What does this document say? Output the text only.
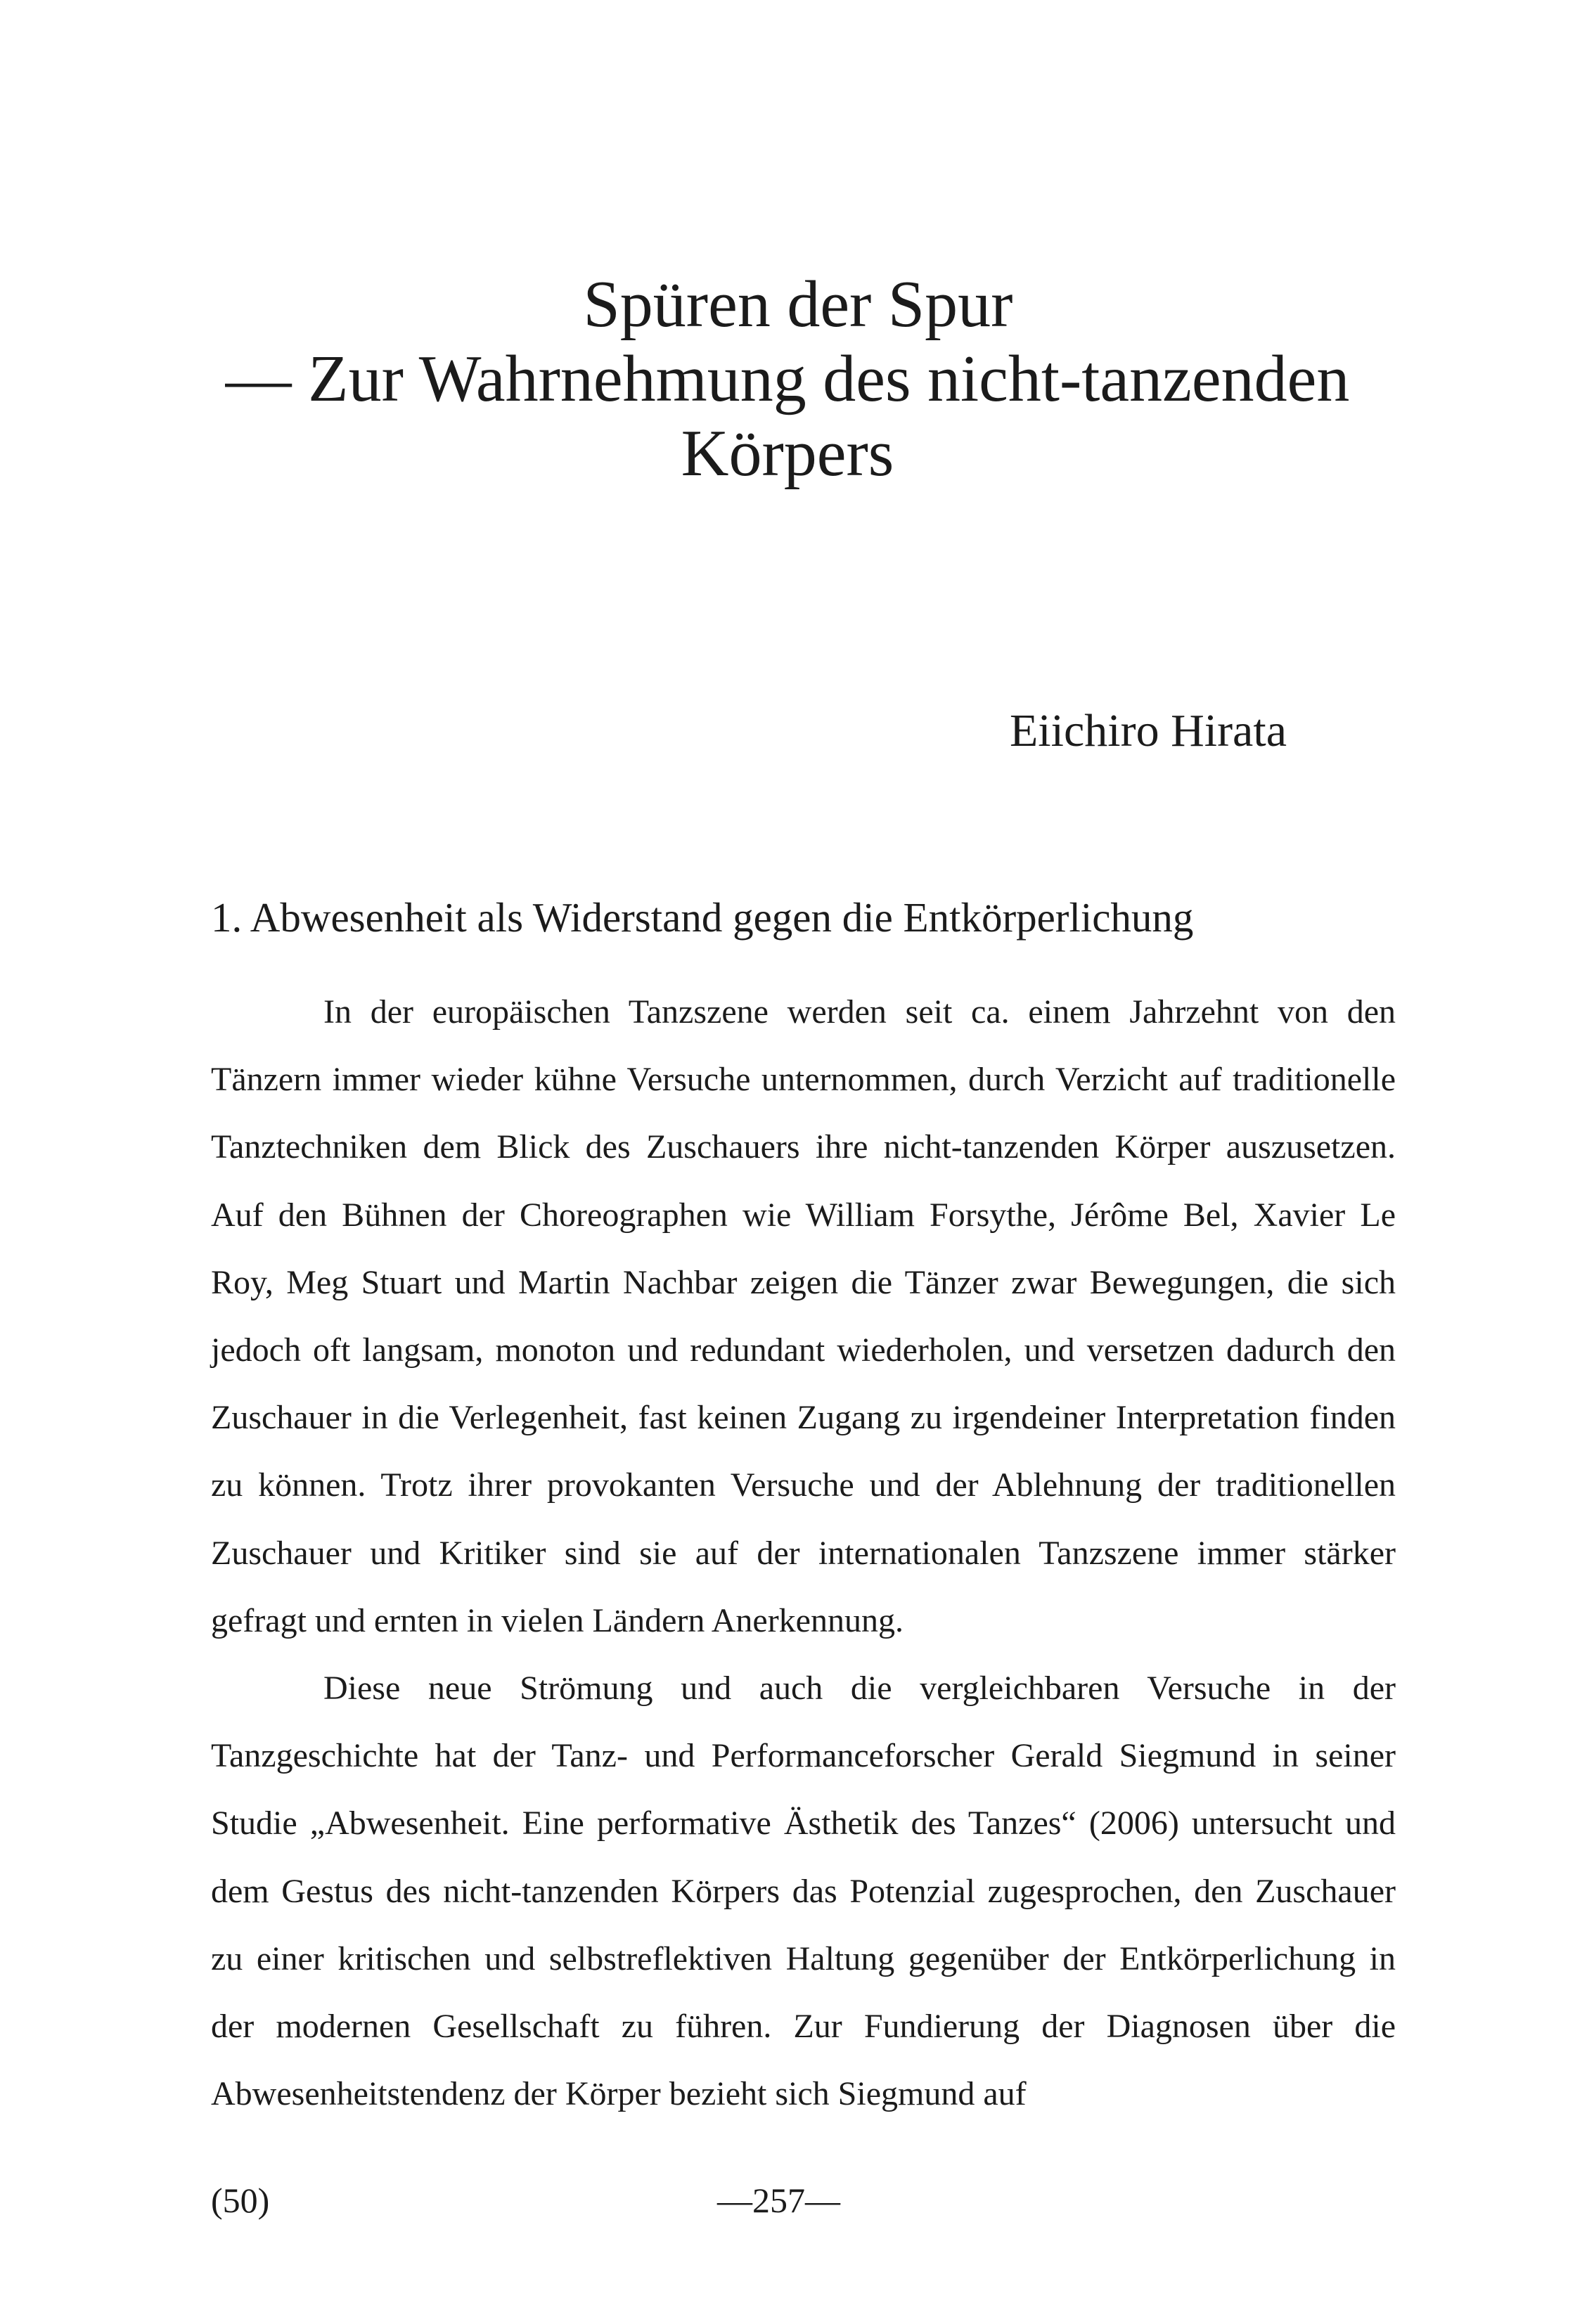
Spüren der Spur
— Zur Wahrnehmung des nicht-tanzenden
Körpers
Eiichiro Hirata
1. Abwesenheit als Widerstand gegen die Entkörperlichung

In der europäischen Tanzszene werden seit ca. einem Jahrzehnt von den Tänzern immer wieder kühne Versuche unternommen, durch Verzicht auf traditionelle Tanztechniken dem Blick des Zuschauers ihre nicht-tanzenden Körper auszusetzen. Auf den Bühnen der Choreographen wie William Forsythe, Jérôme Bel, Xavier Le Roy, Meg Stuart und Martin Nachbar zeigen die Tänzer zwar Bewegungen, die sich jedoch oft langsam, monoton und redundant wiederholen, und versetzen dadurch den Zuschauer in die Verlegenheit, fast keinen Zugang zu irgendeiner Interpretation finden zu können. Trotz ihrer provokanten Versuche und der Ablehnung der traditionellen Zuschauer und Kritiker sind sie auf der internationalen Tanzszene immer stärker gefragt und ernten in vielen Ländern Anerkennung.

Diese neue Strömung und auch die vergleichbaren Versuche in der Tanzgeschichte hat der Tanz- und Performanceforscher Gerald Siegmund in seiner Studie „Abwesenheit. Eine performative Ästhetik des Tanzes“ (2006) untersucht und dem Gestus des nicht-tanzenden Körpers das Potenzial zugesprochen, den Zuschauer zu einer kritischen und selbstreflektiven Haltung gegenüber der Entkörperlichung in der modernen Gesellschaft zu führen. Zur Fundierung der Diagnosen über die Abwesenheitstendenz der Körper bezieht sich Siegmund auf

(50)	—257—
